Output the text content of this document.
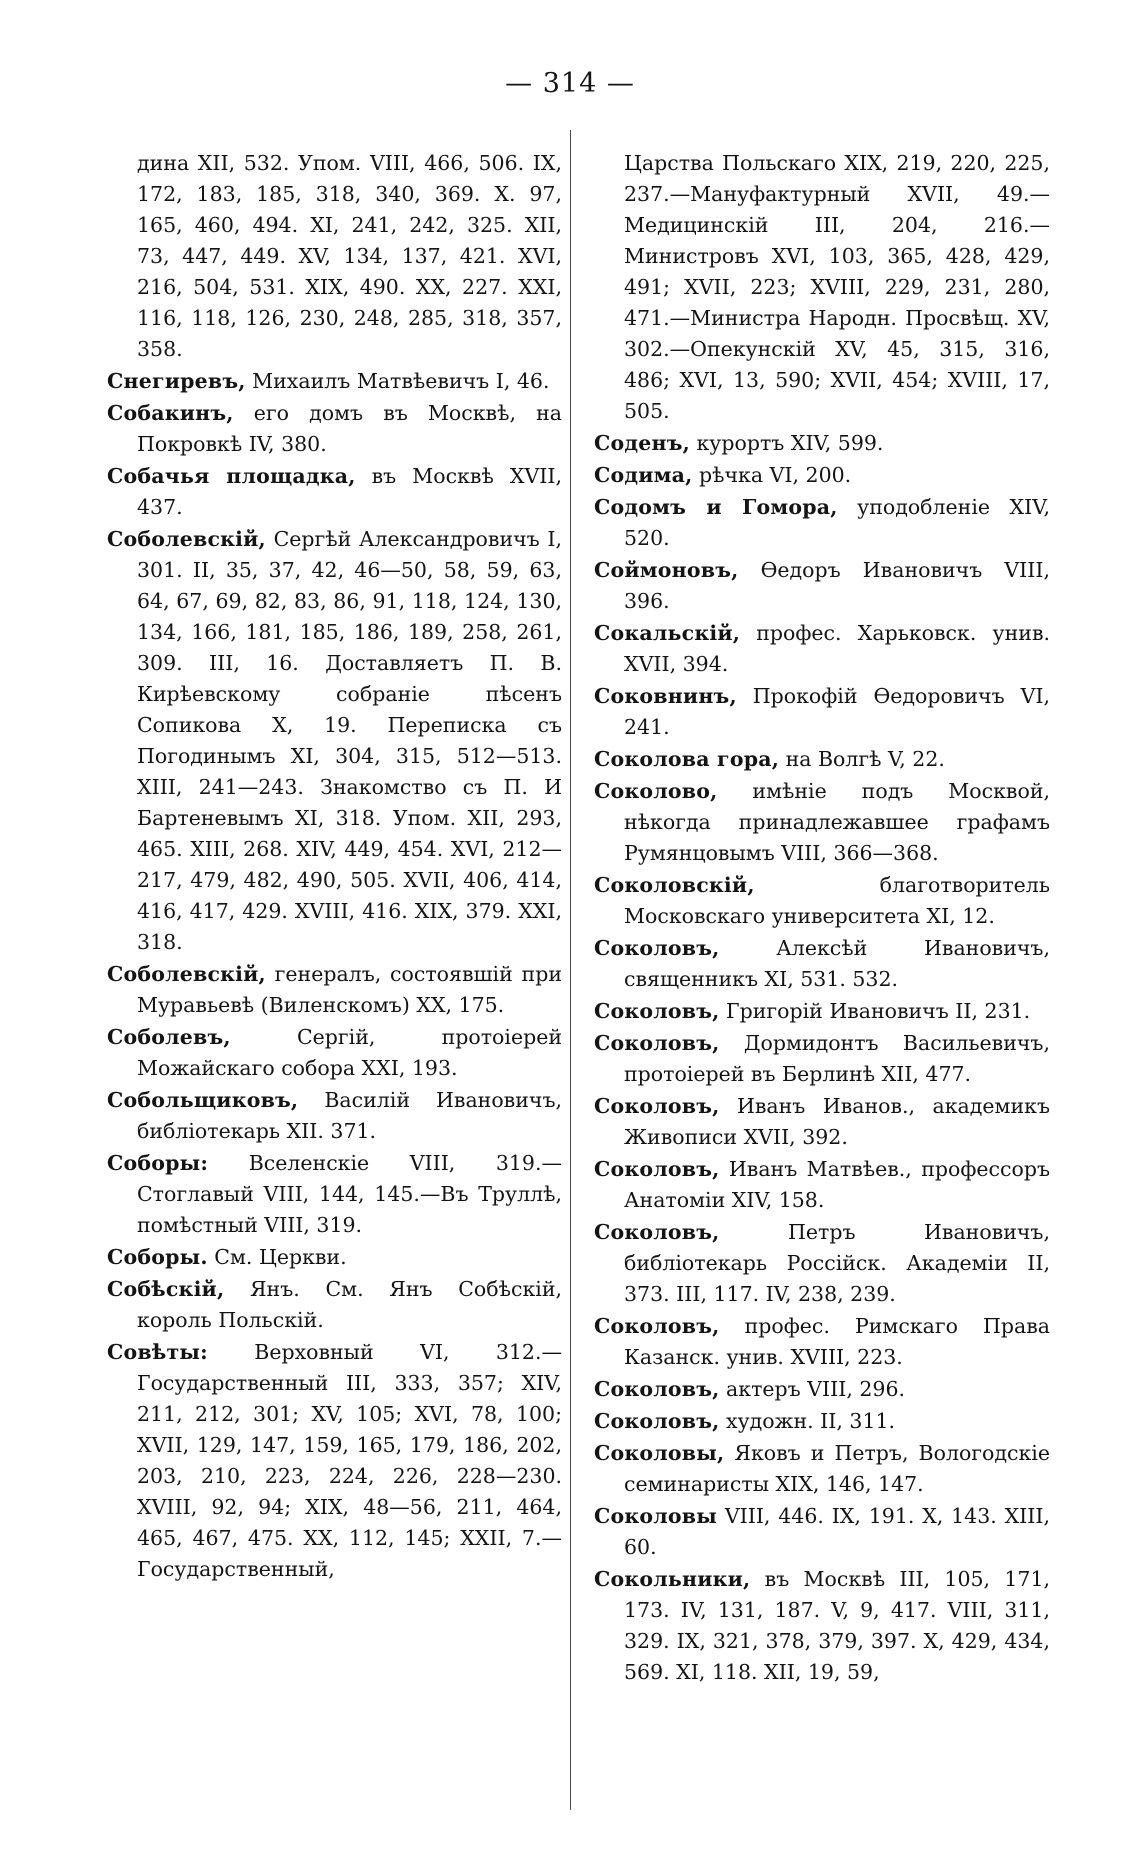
— 314 —

дина XII, 532. Упом. VIII, 466, 506. IX, 172, 183, 185, 318, 340, 369. X. 97, 165, 460, 494. XI, 241, 242, 325. XII, 73, 447, 449. XV, 134, 137, 421. XVI, 216, 504, 531. XIX, 490. XX, 227. XXI, 116, 118, 126, 230, 248, 285, 318, 357, 358.

Снегиревъ, Михаилъ Матвѣевичъ I, 46.

Собакинъ, его домъ въ Москвѣ, на Покровкѣ IV, 380.

Собачья площадка, въ Москвѣ XVII, 437.

Соболевскій, Сергѣй Александровичъ I, 301. II, 35, 37, 42, 46—50, 58, 59, 63, 64, 67, 69, 82, 83, 86, 91, 118, 124, 130, 134, 166, 181, 185, 186, 189, 258, 261, 309. III, 16. Доставляетъ П. В. Кирѣевскому собраніе пѣсенъ Сопикова X, 19. Переписка съ Погодинымъ XI, 304, 315, 512—513. XIII, 241—243. Знакомство съ П. И Бартеневымъ XI, 318. Упом. XII, 293, 465. XIII, 268. XIV, 449, 454. XVI, 212—217, 479, 482, 490, 505. XVII, 406, 414, 416, 417, 429. XVIII, 416. XIX, 379. XXI, 318.

Соболевскій, генералъ, состоявшій при Муравьевѣ (Виленскомъ) XX, 175.

Соболевъ, Сергій, протоіерей Можайскаго собора XXI, 193.

Собольщиковъ, Василій Ивановичъ, библіотекарь XII. 371.

Соборы: Вселенскіе VIII, 319.—Стоглавый VIII, 144, 145.—Въ Труллѣ, помѣстный VIII, 319.

Соборы. См. Церкви.

Собѣскій, Янъ. См. Янъ Собѣскій, король Польскій.

Совѣты: Верховный VI, 312.—Государственный III, 333, 357; XIV, 211, 212, 301; XV, 105; XVI, 78, 100; XVII, 129, 147, 159, 165, 179, 186, 202, 203, 210, 223, 224, 226, 228—230. XVIII, 92, 94; XIX, 48—56, 211, 464, 465, 467, 475. XX, 112, 145; XXII, 7.—Государственный,

Царства Польскаго XIX, 219, 220, 225, 237.—Мануфактурный XVII, 49.—Медицинскій III, 204, 216.—Министровъ XVI, 103, 365, 428, 429, 491; XVII, 223; XVIII, 229, 231, 280, 471.—Министра Народн. Просвѣщ. XV, 302.—Опекунскій XV, 45, 315, 316, 486; XVI, 13, 590; XVII, 454; XVIII, 17, 505.

Соденъ, курортъ XIV, 599.

Содима, рѣчка VI, 200.

Содомъ и Гомора, уподобленіе XIV, 520.

Соймоновъ, Ѳедоръ Ивановичъ VIII, 396.

Сокальскій, профес. Харьковск. унив. XVII, 394.

Соковнинъ, Прокофій Ѳедоровичъ VI, 241.

Соколова гора, на Волгѣ V, 22.

Соколово, имѣніе подъ Москвой, нѣкогда принадлежавшее графамъ Румянцовымъ VIII, 366—368.

Соколовскій, благотворитель Московскаго университета XI, 12.

Соколовъ, Алексѣй Ивановичъ, священникъ XI, 531. 532.

Соколовъ, Григорій Ивановичъ II, 231.

Соколовъ, Дормидонтъ Васильевичъ, протоіерей въ Берлинѣ XII, 477.

Соколовъ, Иванъ Иванов., академикъ Живописи XVII, 392.

Соколовъ, Иванъ Матвѣев., профессоръ Анатоміи XIV, 158.

Соколовъ, Петръ Ивановичъ, библіотекарь Россійск. Академіи II, 373. III, 117. IV, 238, 239.

Соколовъ, профес. Римскаго Права Казанск. унив. XVIII, 223.

Соколовъ, актеръ VIII, 296.

Соколовъ, художн. II, 311.

Соколовы, Яковъ и Петръ, Вологодскіе семинаристы XIX, 146, 147.

Соколовы VIII, 446. IX, 191. X, 143. XIII, 60.

Сокольники, въ Москвѣ III, 105, 171, 173. IV, 131, 187. V, 9, 417. VIII, 311, 329. IX, 321, 378, 379, 397. X, 429, 434, 569. XI, 118. XII, 19, 59,
